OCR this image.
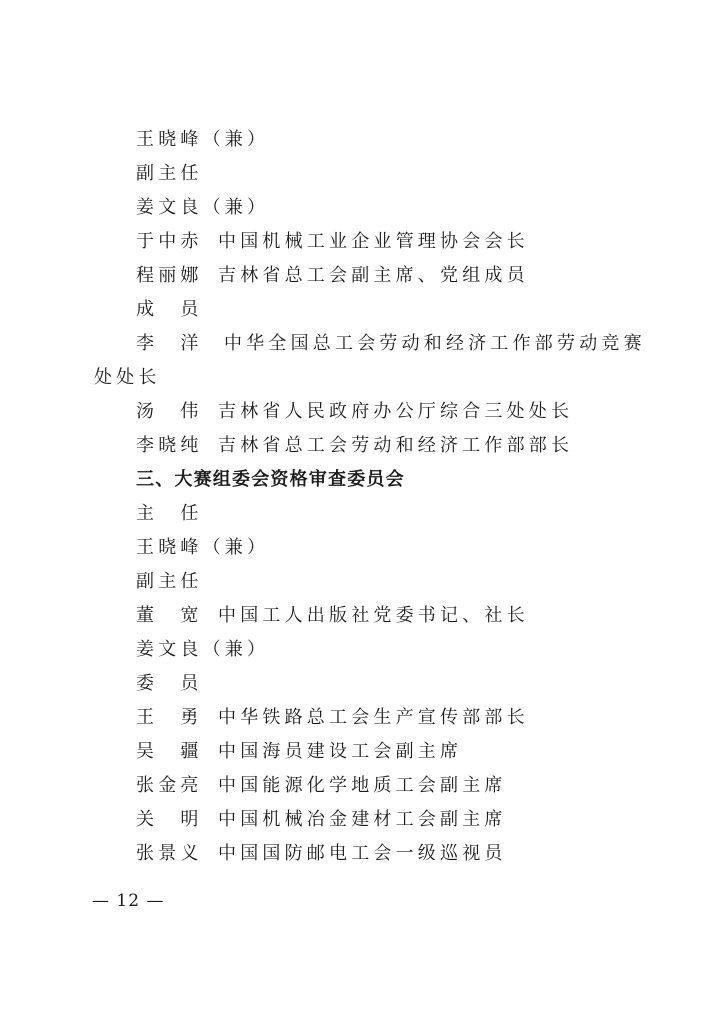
王晓峰（兼）
副主任
姜文良（兼）
于中赤 中国机械工业企业管理协会会长
程丽娜 吉林省总工会副主席、党组成员
成　员
李　洋 中华全国总工会劳动和经济工作部劳动竞赛
处处长
汤　伟 吉林省人民政府办公厅综合三处处长
李晓纯 吉林省总工会劳动和经济工作部部长
三、大赛组委会资格审查委员会
主　任
王晓峰（兼）
副主任
董　宽 中国工人出版社党委书记、社长
姜文良（兼）
委　员
王　勇 中华铁路总工会生产宣传部部长
吴　疆 中国海员建设工会副主席
张金亮 中国能源化学地质工会副主席
关　明 中国机械冶金建材工会副主席
张景义 中国国防邮电工会一级巡视员
— 12 —
